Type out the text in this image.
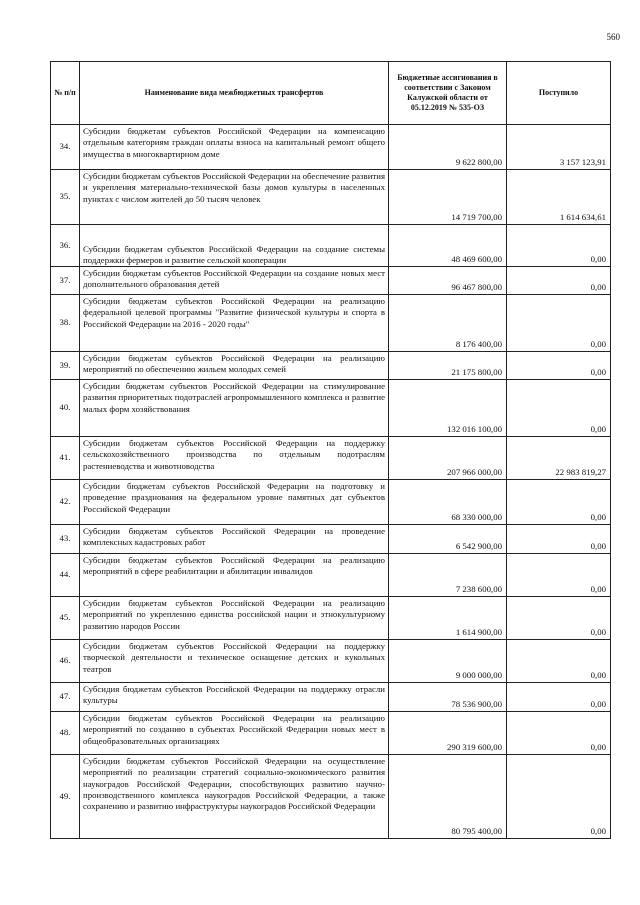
560
№ п/п	Наименование вида межбюджетных трансфертов	Бюджетные ассигнования в соответствии с Законом Калужской области от 05.12.2019 № 535-ОЗ	Поступило
34.	Субсидии бюджетам субъектов Российской Федерации на компенсацию отдельным категориям граждан оплаты взноса на капитальный ремонт общего имущества в многоквартирном доме	9 622 800,00	3 157 123,91
35.	Субсидии бюджетам субъектов Российской Федерации на обеспечение развития и укрепления материально-технической базы домов культуры в населенных пунктах с числом жителей до 50 тысяч человек	14 719 700,00	1 614 634,61
36.	Субсидии бюджетам субъектов Российской Федерации на создание системы поддержки фермеров и развитие сельской кооперации	48 469 600,00	0,00
37.	Субсидии бюджетам субъектов Российской Федерации на создание новых мест дополнительного образования детей	96 467 800,00	0,00
38.	Субсидии бюджетам субъектов Российской Федерации на реализацию федеральной целевой программы "Развитие физической культуры и спорта в Российской Федерации на 2016 - 2020 годы"	8 176 400,00	0,00
39.	Субсидии бюджетам субъектов Российской Федерации на реализацию мероприятий по обеспечению жильем молодых семей	21 175 800,00	0,00
40.	Субсидии бюджетам субъектов Российской Федерации на стимулирование развития приоритетных подотраслей агропромышленного комплекса и развитие малых форм хозяйствования	132 016 100,00	0,00
41.	Субсидии бюджетам субъектов Российской Федерации на поддержку сельскохозяйственного производства по отдельным подотраслям растениеводства и животноводства	207 966 000,00	22 983 819,27
42.	Субсидии бюджетам субъектов Российской Федерации на подготовку и проведение празднования на федеральном уровне памятных дат субъектов Российской Федерации	68 330 000,00	0,00
43.	Субсидии бюджетам субъектов Российской Федерации на проведение комплексных кадастровых работ	6 542 900,00	0,00
44.	Субсидии бюджетам субъектов Российской Федерации на реализацию мероприятий в сфере реабилитации и абилитации инвалидов	7 238 600,00	0,00
45.	Субсидии бюджетам субъектов Российской Федерации на реализацию мероприятий по укреплению единства российской нации и этнокультурному развитию народов России	1 614 900,00	0,00
46.	Субсидии бюджетам субъектов Российской Федерации на поддержку творческой деятельности и техническое оснащение детских и кукольных театров	9 000 000,00	0,00
47.	Субсидия бюджетам субъектов Российской Федерации на поддержку отрасли культуры	78 536 900,00	0,00
48.	Субсидии бюджетам субъектов Российской Федерации на реализацию мероприятий по созданию в субъектах Российской Федерации новых мест в общеобразовательных организациях	290 319 600,00	0,00
49.	Субсидии бюджетам субъектов Российской Федерации на осуществление мероприятий по реализации стратегий социально-экономического развития наукоградов Российской Федерации, способствующих развитию научно-производственного комплекса наукоградов Российской Федерации, а также сохранению и развитию инфраструктуры наукоградов Российской Федерации	80 795 400,00	0,00
